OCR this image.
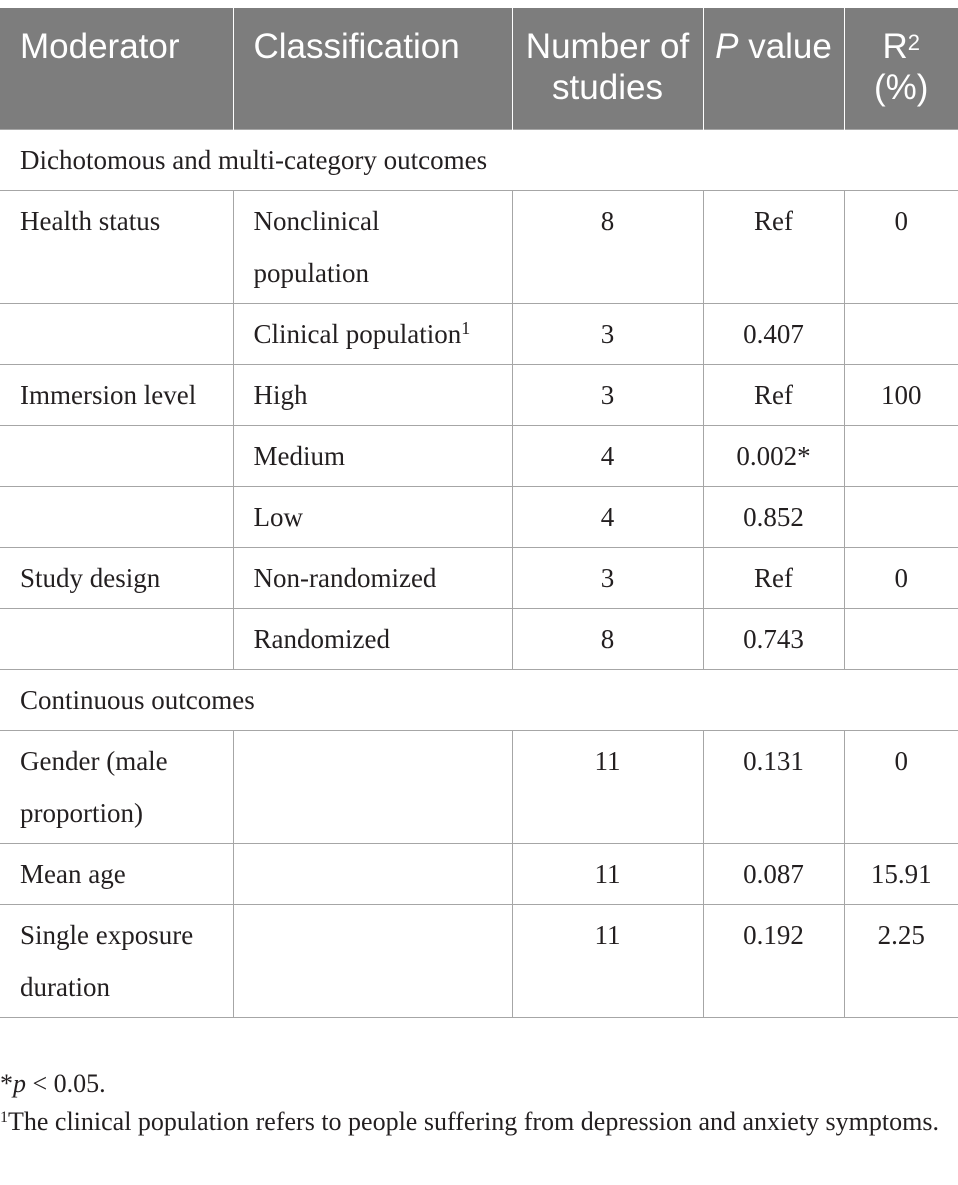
Moderator	Classification	Number of studies	P value	$R^2$
(%)
Dichotomous and multi-category outcomes				
Health status	Nonclinical population	8	Ref	0
	Clinical population$^1$	3	0.407	
Immersion level	High	3	Ref	100
	Medium	4	0.002*	
	Low	4	0.852	
Study design	Non-randomized	3	Ref	0
	Randomized	8	0.743	
Continuous outcomes				
Gender (male proportion)		11	0.131	0
Mean age		11	0.087	15.91
Single exposure duration		11	0.192	2.25

*p < 0.05.

$^1$The clinical population refers to people suffering from depression and anxiety symptoms.
